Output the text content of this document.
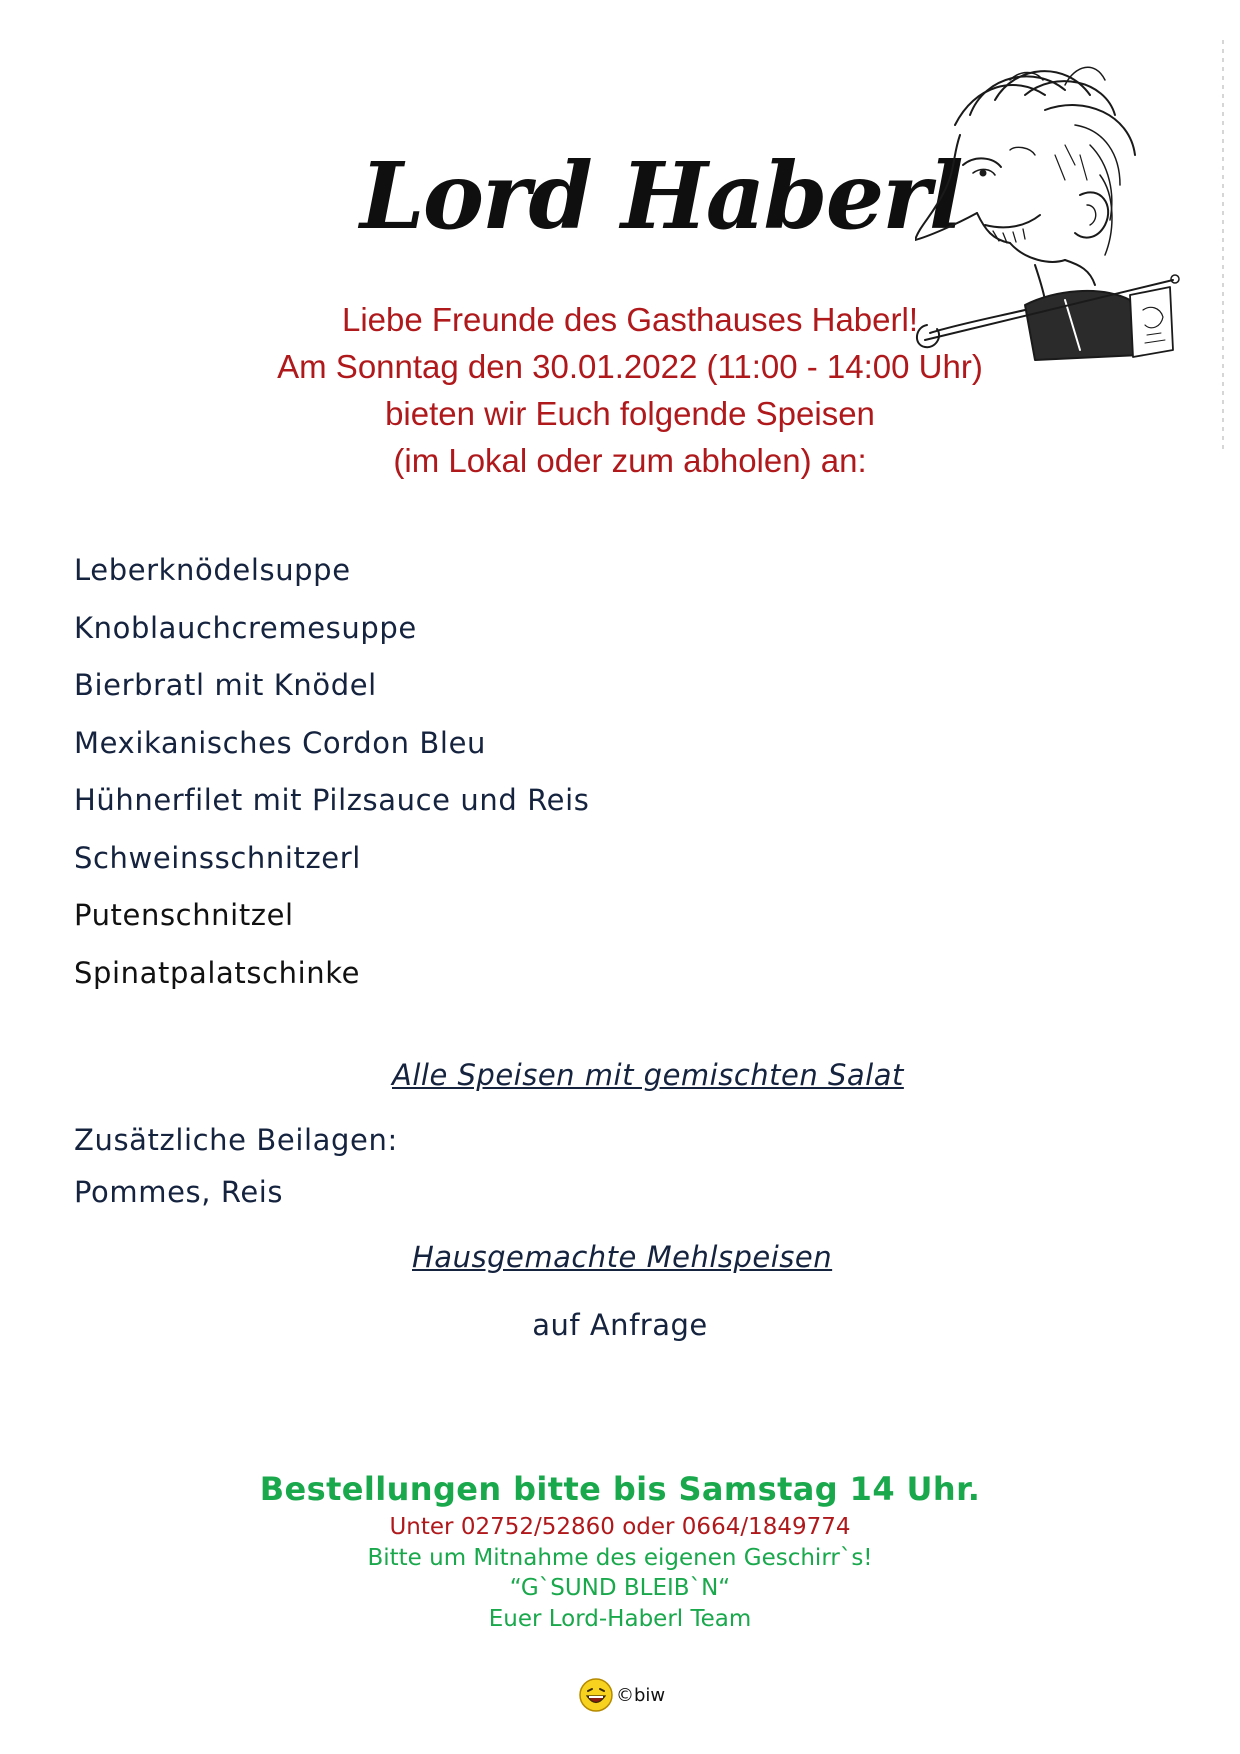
Lord Haberl
Liebe Freunde des Gasthauses Haberl!
Am Sonntag den 30.01.2022 (11:00 - 14:00 Uhr)
bieten wir Euch folgende Speisen
(im Lokal oder zum abholen) an:
Leberknödelsuppe
Knoblauchcremesuppe
Bierbratl mit Knödel
Mexikanisches Cordon Bleu
Hühnerfilet mit Pilzsauce und Reis
Schweinsschnitzerl
Putenschnitzel
Spinatpalatschinke
Alle Speisen mit gemischten Salat
Zusätzliche Beilagen:
Pommes, Reis
Hausgemachte Mehlspeisen
auf Anfrage
Bestellungen bitte bis Samstag 14 Uhr.
Unter 02752/52860 oder 0664/1849774
Bitte um Mitnahme des eigenen Geschirr`s!
“G`SUND BLEIB`N“
Euer Lord-Haberl Team
©biw
